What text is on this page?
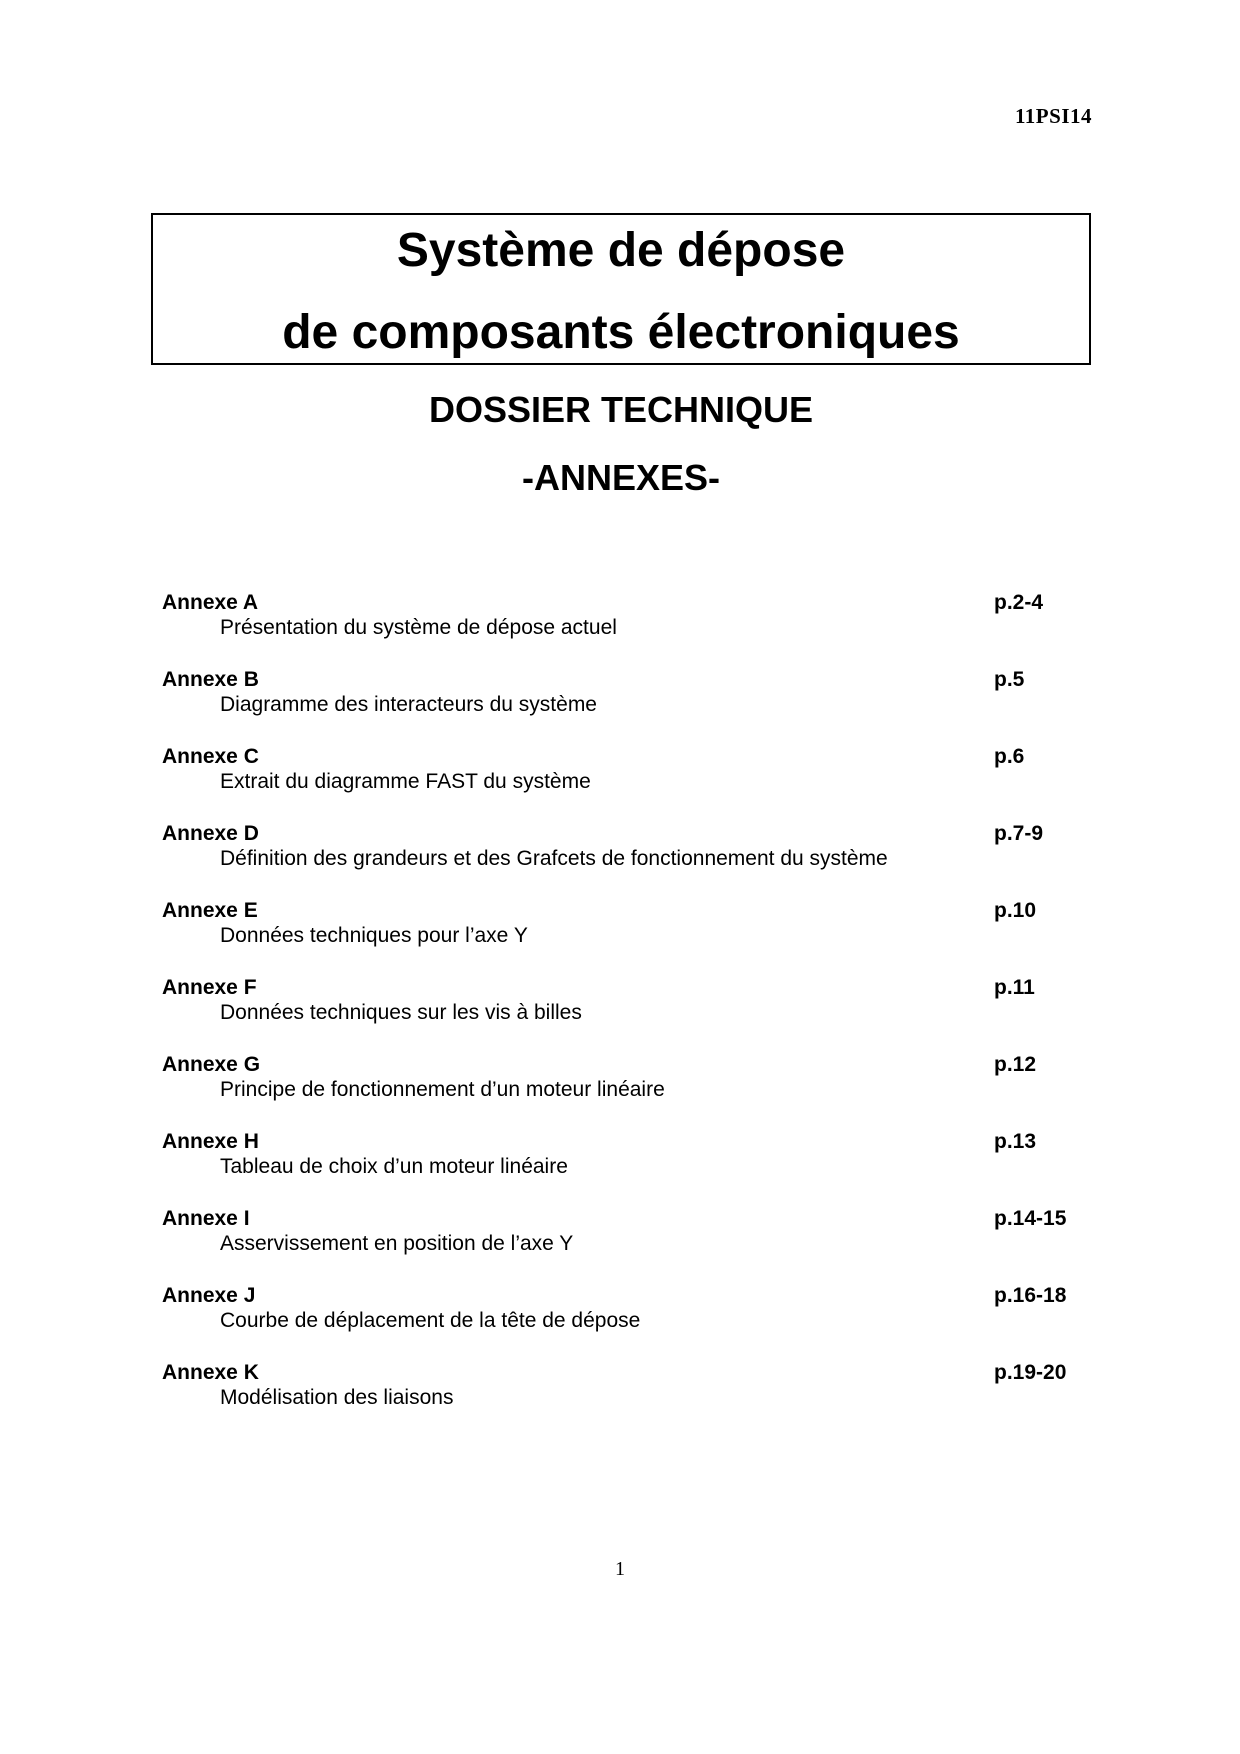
11PSI14
Système de dépose
de composants électroniques
DOSSIER TECHNIQUE
-ANNEXES-
Annexe A	p.2-4
Présentation du système de dépose actuel
Annexe B	p.5
Diagramme des interacteurs du système
Annexe C	p.6
Extrait du diagramme FAST du système
Annexe D	p.7-9
Définition des grandeurs et des Grafcets de fonctionnement du système
Annexe E	p.10
Données techniques pour l’axe Y
Annexe F	p.11
Données techniques sur les vis à billes
Annexe G	p.12
Principe de fonctionnement d’un moteur linéaire
Annexe H	p.13
Tableau de choix d’un moteur linéaire
Annexe I	p.14-15
Asservissement en position de l’axe Y
Annexe J	p.16-18
Courbe de déplacement de la tête de dépose
Annexe K	p.19-20
Modélisation des liaisons
1
